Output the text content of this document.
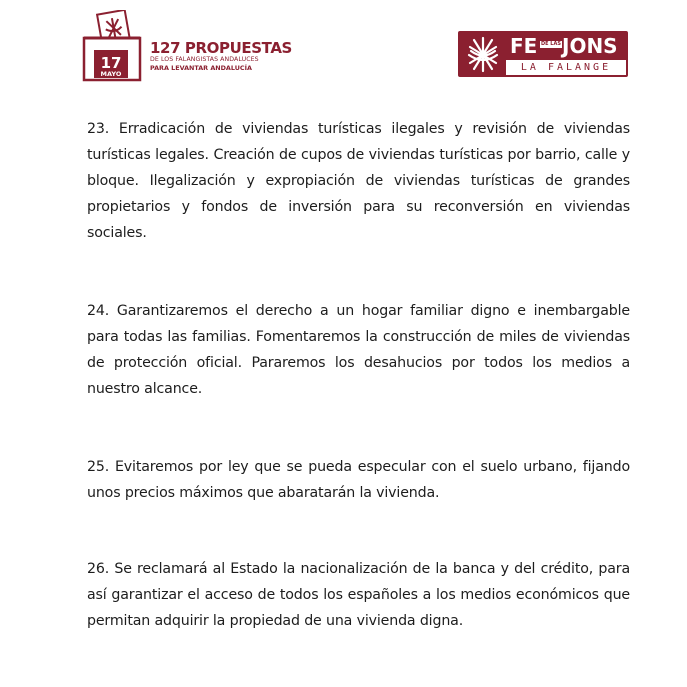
17
MAYO
127 PROPUESTAS
DE LOS FALANGISTAS ANDALUCES
PARA LEVANTAR ANDALUCÍA
FE DE LAS JONS
LA FALANGE

23. Erradicación de viviendas turísticas ilegales y revisión de viviendas turísticas legales. Creación de cupos de viviendas turísticas por barrio, calle y bloque. Ilegalización y expropiación de viviendas turísticas de grandes propietarios y fondos de inversión para su reconversión en viviendas sociales.

24. Garantizaremos el derecho a un hogar familiar digno e inembargable para todas las familias. Fomentaremos la construcción de miles de viviendas de protección oficial. Pararemos los desahucios por todos los medios a nuestro alcance.

25. Evitaremos por ley que se pueda especular con el suelo urbano, fijando unos precios máximos que abaratarán la vivienda.

26. Se reclamará al Estado la nacionalización de la banca y del crédito, para así garantizar el acceso de todos los españoles a los medios económicos que permitan adquirir la propiedad de una vivienda digna.
